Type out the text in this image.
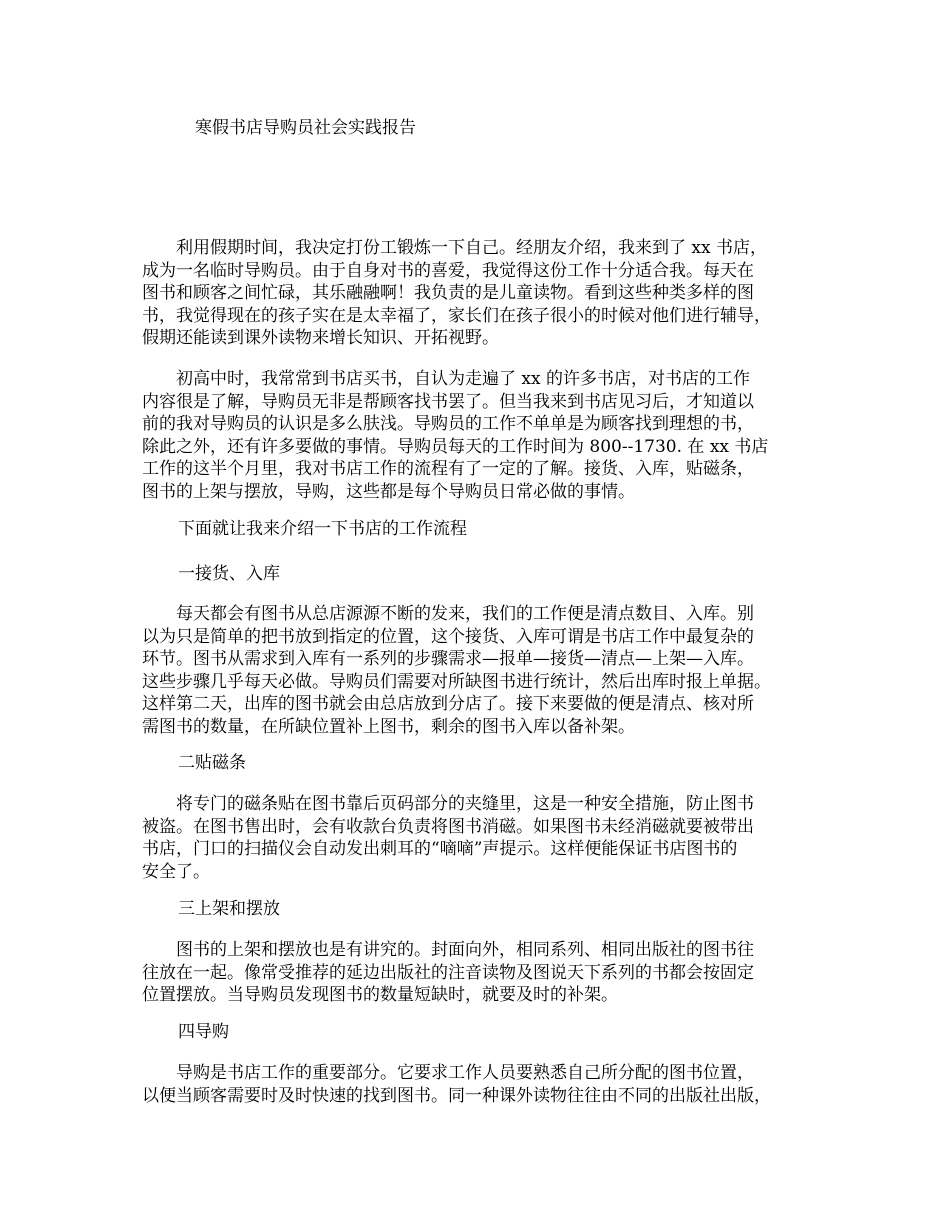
寒假书店导购员社会实践报告
　　利用假期时间，我决定打份工锻炼一下自己。经朋友介绍，我来到了 xx 书店，
成为一名临时导购员。由于自身对书的喜爱，我觉得这份工作十分适合我。每天在
图书和顾客之间忙碌，其乐融融啊！我负责的是儿童读物。看到这些种类多样的图
书，我觉得现在的孩子实在是太幸福了，家长们在孩子很小的时候对他们进行辅导，
假期还能读到课外读物来增长知识、开拓视野。
　　初高中时，我常常到书店买书，自认为走遍了 xx 的许多书店，对书店的工作
内容很是了解，导购员无非是帮顾客找书罢了。但当我来到书店见习后，才知道以
前的我对导购员的认识是多么肤浅。导购员的工作不单单是为顾客找到理想的书，
除此之外，还有许多要做的事情。导购员每天的工作时间为 800--1730. 在 xx 书店
工作的这半个月里，我对书店工作的流程有了一定的了解。接货、入库，贴磁条，
图书的上架与摆放，导购，这些都是每个导购员日常必做的事情。
下面就让我来介绍一下书店的工作流程
一接货、入库
　　每天都会有图书从总店源源不断的发来，我们的工作便是清点数目、入库。别
以为只是简单的把书放到指定的位置，这个接货、入库可谓是书店工作中最复杂的
环节。图书从需求到入库有一系列的步骤需求—报单—接货—清点—上架—入库。
这些步骤几乎每天必做。导购员们需要对所缺图书进行统计，然后出库时报上单据。
这样第二天，出库的图书就会由总店放到分店了。接下来要做的便是清点、核对所
需图书的数量，在所缺位置补上图书，剩余的图书入库以备补架。
二贴磁条
　　将专门的磁条贴在图书靠后页码部分的夹缝里，这是一种安全措施，防止图书
被盗。在图书售出时，会有收款台负责将图书消磁。如果图书未经消磁就要被带出
书店，门口的扫描仪会自动发出刺耳的“嘀嘀”声提示。这样便能保证书店图书的
安全了。
三上架和摆放
　　图书的上架和摆放也是有讲究的。封面向外，相同系列、相同出版社的图书往
往放在一起。像常受推荐的延边出版社的注音读物及图说天下系列的书都会按固定
位置摆放。当导购员发现图书的数量短缺时，就要及时的补架。
四导购
　　导购是书店工作的重要部分。它要求工作人员要熟悉自己所分配的图书位置，
以便当顾客需要时及时快速的找到图书。同一种课外读物往往由不同的出版社出版，
